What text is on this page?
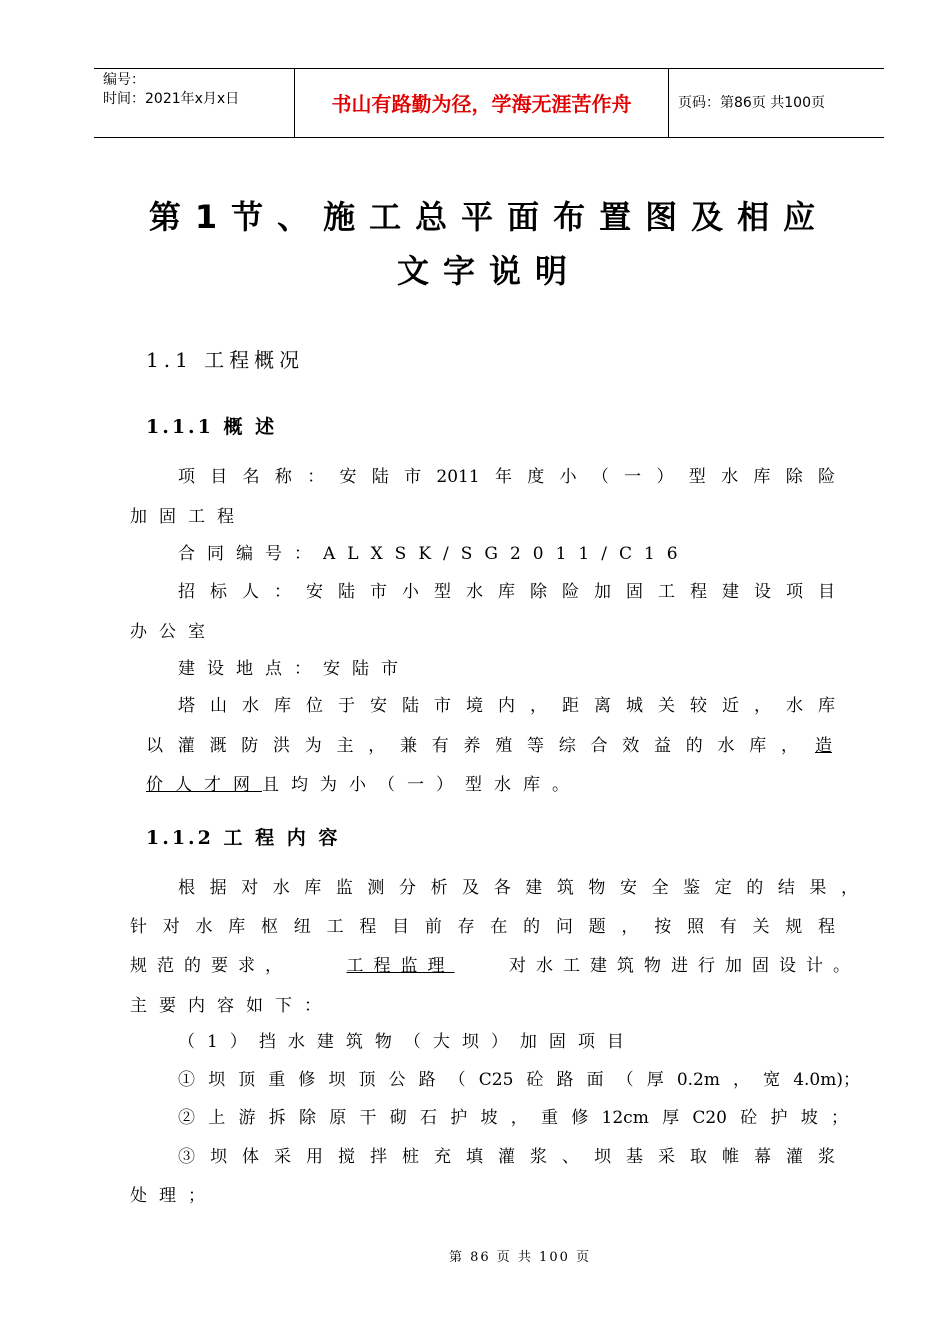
编号：
时间：2021年x月x日	书山有路勤为径，学海无涯苦作舟	页码：第86页 共100页
第1节、施工总平面布置图及相应
文字说明
1.1 工程概况
1.1.1 概 述
项目名称：安陆市2011年度小（一）型水库除险
加固工程
合同编号：ALXSK/SG2011/C16
招标人：安陆市小型水库除险加固工程建设项目
办公室
建设地点：安陆市
塔山水库位于安陆市境内，距离城关较近，水库
以灌溉防洪为主，兼有养殖等综合效益的水库， 造
价人才网且均为小（一）型水库。
1.1.2 工 程 内 容
根据对水库监测分析及各建筑物安全鉴定的结果，
针对水库枢纽工程目前存在的问题，按照有关规程
规范的要求，	工程监理	对水工建筑物进行加固设计。
主要内容如下：
（1）挡水建筑物（大坝）加固项目
①坝顶重修坝顶公路（C25砼路面（厚0.2m，宽4.0m)；
②上游拆除原干砌石护坡，重修12cm厚C20砼护坡；
③坝体采用搅拌桩充填灌浆、坝基采取帷幕灌浆
处理；
第 86 页 共 100 页
